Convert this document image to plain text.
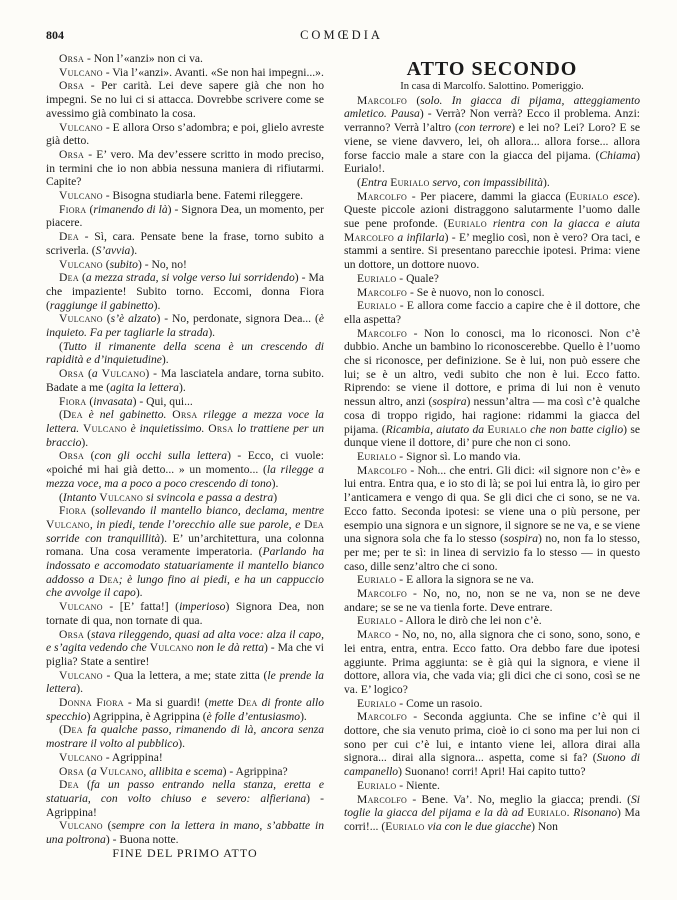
804	COMŒDIA

Orsa - Non l’«anzi» non ci va.

Vulcano - Via l’«anzi». Avanti. «Se non hai impegni...».

Orsa - Per carità. Lei deve sapere già che non ho impegni. Se no lui ci si attacca. Dovrebbe scrivere come se avessimo già combinato la cosa.

Vulcano - E allora Orso s’adombra; e poi, glielo avreste già detto.

Orsa - E’ vero. Ma dev’essere scritto in modo preciso, in termini che io non abbia nessuna maniera di rifiutarmi. Capite?

Vulcano - Bisogna studiarla bene. Fatemi rileggere.

Fiora (rimanendo di là) - Signora Dea, un momento, per piacere.

Dea - Sì, cara. Pensate bene la frase, torno subito a scriverla. (S’avvia).

Vulcano (subito) - No, no!

Dea (a mezza strada, si volge verso lui sorridendo) - Ma che impaziente! Subito torno. Eccomi, donna Fiora (raggiunge il gabinetto).

Vulcano (s’è alzato) - No, perdonate, signora Dea... (è inquieto. Fa per tagliarle la strada).

(Tutto il rimanente della scena è un crescendo di rapidità e d’inquietudine).

Orsa (a Vulcano) - Ma lasciatela andare, torna subito. Badate a me (agita la lettera).

Fiora (invasata) - Qui, qui...

(Dea è nel gabinetto. Orsa rilegge a mezza voce la lettera. Vulcano è inquietissimo. Orsa lo trattiene per un braccio).

Orsa (con gli occhi sulla lettera) - Ecco, ci vuole: «poiché mi hai già detto... » un momento... (la rilegge a mezza voce, ma a poco a poco crescendo di tono).

(Intanto Vulcano si svincola e passa a destra)

Fiora (sollevando il mantello bianco, declama, mentre Vulcano, in piedi, tende l’orecchio alle sue parole, e Dea sorride con tranquillità). E’ un’architettura, una colonna romana. Una cosa veramente imperatoria. (Parlando ha indossato e accomodato statuariamente il mantello bianco addosso a Dea; è lungo fino ai piedi, e ha un cappuccio che avvolge il capo).

Vulcano - [E’ fatta!] (imperioso) Signora Dea, non tornate di qua, non tornate di qua.

Orsa (stava rileggendo, quasi ad alta voce: alza il capo, e s’agita vedendo che Vulcano non le dà retta) - Ma che vi piglia? State a sentire!

Vulcano - Qua la lettera, a me; state zitta (le prende la lettera).

Donna Fiora - Ma si guardi! (mette Dea di fronte allo specchio) Agrippina, è Agrippina (è folle d’entusiasmo).

(Dea fa qualche passo, rimanendo di là, ancora senza mostrare il volto al pubblico).

Vulcano - Agrippina!

Orsa (a Vulcano, allibita e scema) - Agrippina?

Dea (fa un passo entrando nella stanza, eretta e statuaria, con volto chiuso e severo: alfieriana) - Agrippina!

Vulcano (sempre con la lettera in mano, s’abbatte in una poltrona) - Buona notte.

FINE DEL PRIMO ATTO

ATTO SECONDO

In casa di Marcolfo. Salottino. Pomeriggio.

Marcolfo (solo. In giacca di pijama, atteggiamento amletico. Pausa) - Verrà? Non verrà? Ecco il problema. Anzi: verranno? Verrà l’altro (con terrore) e lei no? Lei? Loro? E se viene, se viene davvero, lei, oh allora... allora forse... allora forse faccio male a stare con la giacca del pijama. (Chiama) Eurialo!.

(Entra Eurialo servo, con impassibilità).

Marcolfo - Per piacere, dammi la giacca (Eurialo esce). Queste piccole azioni distraggono salutarmente l’uomo dalle sue pene profonde. (Eurialo rientra con la giacca e aiuta Marcolfo a infilarla) - E’ meglio così, non è vero? Ora taci, e stammi a sentire. Si presentano parecchie ipotesi. Prima: viene un dottore, un dottore nuovo.

Eurialo - Quale?

Marcolfo - Se è nuovo, non lo conosci.

Eurialo - E allora come faccio a capire che è il dottore, che ella aspetta?

Marcolfo - Non lo conosci, ma lo riconosci. Non c’è dubbio. Anche un bambino lo riconoscerebbe. Quello è l’uomo che si riconosce, per definizione. Se è lui, non può essere che lui; se è un altro, vedi subito che non è lui. Ecco fatto. Riprendo: se viene il dottore, e prima di lui non è venuto nessun altro, anzi (sospira) nessun’altra — ma così c’è qualche cosa di troppo rigido, hai ragione: ridammi la giacca del pijama. (Ricambia, aiutato da Eurialo che non batte ciglio) se dunque viene il dottore, di’ pure che non ci sono.

Eurialo - Signor sì. Lo mando via.

Marcolfo - Noh... che entri. Gli dici: «il signore non c’è» e lui entra. Entra qua, e io sto di là; se poi lui entra là, io giro per l’anticamera e vengo di qua. Se gli dici che ci sono, se ne va. Ecco fatto. Seconda ipotesi: se viene una o più persone, per esempio una signora e un signore, il signore se ne va, e se viene una signora sola che fa lo stesso (sospira) no, non fa lo stesso, per me; per te sì: in linea di servizio fa lo stesso — in questo caso, dille senz’altro che ci sono.

Eurialo - E allora la signora se ne va.

Marcolfo - No, no, no, non se ne va, non se ne deve andare; se se ne va tienla forte. Deve entrare.

Eurialo - Allora le dirò che lei non c’è.

Marco - No, no, no, alla signora che ci sono, sono, sono, e lei entra, entra, entra. Ecco fatto. Ora debbo fare due ipotesi aggiunte. Prima aggiunta: se è già qui la signora, e viene il dottore, allora via, che vada via; gli dici che ci sono, così se ne va. E’ logico?

Eurialo - Come un rasoio.

Marcolfo - Seconda aggiunta. Che se infine c’è qui il dottore, che sia venuto prima, cioè io ci sono ma per lui non ci sono per cui c’è lui, e intanto viene lei, allora dirai alla signora... dirai alla signora... aspetta, come si fa? (Suono di campanello) Suonano! corri! Apri! Hai capito tutto?

Eurialo - Niente.

Marcolfo - Bene. Va’. No, meglio la giacca; prendi. (Si toglie la giacca del pijama e la dà ad Eurialo. Risonano) Ma corri!... (Eurialo via con le due giacche) Non
